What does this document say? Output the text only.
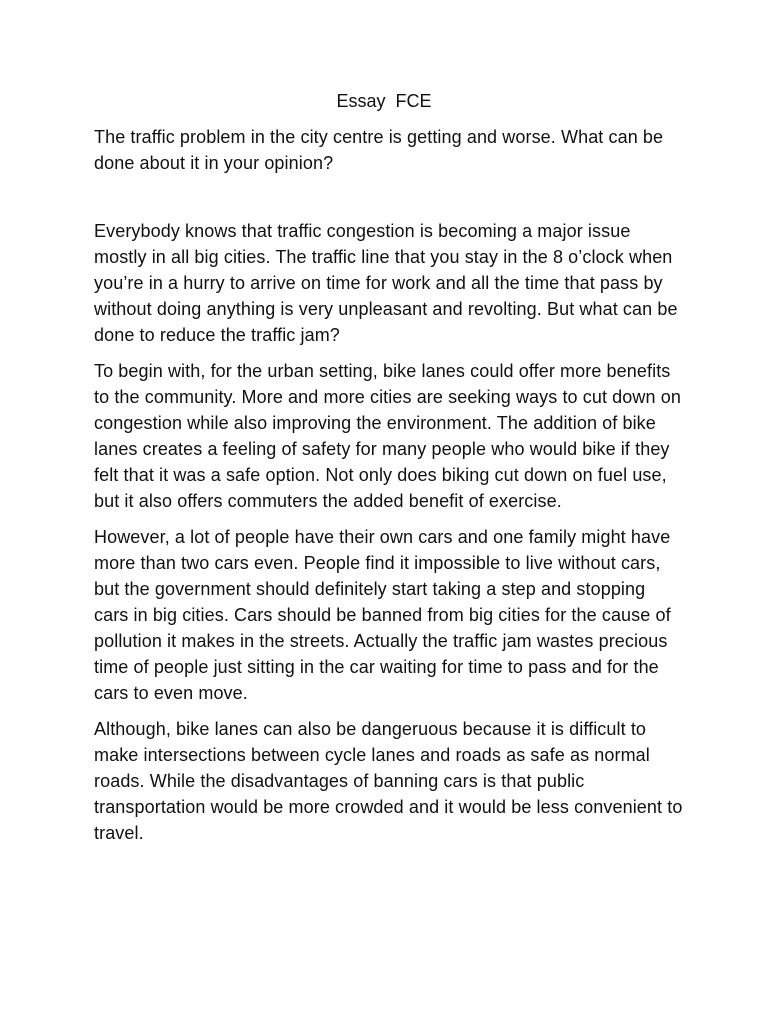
Essay  FCE

The traffic problem in the city centre is getting and worse. What can be done about it in your opinion?

Everybody knows that traffic congestion is becoming a major issue mostly in all big cities. The traffic line that you stay in the 8 o’clock when you’re in a hurry to arrive on time for work and all the time that pass by without doing anything is very unpleasant and revolting. But what can be done to reduce the traffic jam?

To begin with, for the urban setting, bike lanes could offer more benefits to the community. More and more cities are seeking ways to cut down on congestion while also improving the environment. The addition of bike lanes creates a feeling of safety for many people who would bike if they felt that it was a safe option. Not only does biking cut down on fuel use, but it also offers commuters the added benefit of exercise.

However, a lot of people have their own cars and one family might have more than two cars even. People find it impossible to live without cars, but the government should definitely start taking a step and stopping cars in big cities. Cars should be banned from big cities for the cause of pollution it makes in the streets. Actually the traffic jam wastes precious time of people just sitting in the car waiting for time to pass and for the cars to even move.

Although, bike lanes can also be dangeruous because it is difficult to make intersections between cycle lanes and roads as safe as normal roads. While the disadvantages of banning cars is that public transportation would be more crowded and it would be less convenient to travel.
